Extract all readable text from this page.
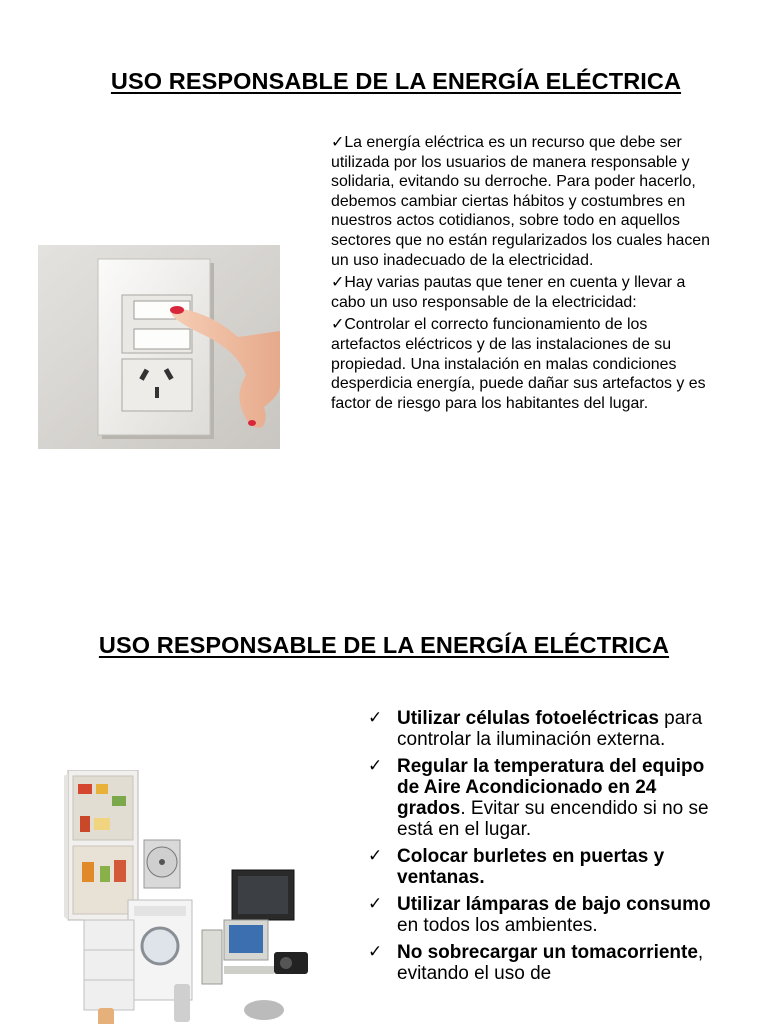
USO RESPONSABLE DE LA ENERGÍA ELÉCTRICA

✓La energía eléctrica es un recurso que debe ser utilizada por los usuarios de manera responsable y solidaria, evitando su derroche. Para poder hacerlo, debemos cambiar ciertas hábitos y costumbres en nuestros actos cotidianos, sobre todo en aquellos sectores que no están regularizados los cuales hacen un uso inadecuado de la electricidad.

✓Hay varias pautas que tener en cuenta y llevar a cabo un uso responsable de la electricidad:

✓Controlar el correcto funcionamiento de los artefactos eléctricos y de las instalaciones de su propiedad. Una instalación en malas condiciones desperdicia energía, puede dañar sus artefactos y es factor de riesgo para los habitantes del lugar.

USO RESPONSABLE DE LA ENERGÍA ELÉCTRICA
✓ Utilizar células fotoeléctricas para controlar la iluminación externa.
✓ Regular la temperatura del equipo de Aire Acondicionado en 24 grados. Evitar su encendido si no se está en el lugar.
✓ Colocar burletes en puertas y ventanas.
✓ Utilizar lámparas de bajo consumo en todos los ambientes.
✓ No sobrecargar un tomacorriente, evitando el uso de
